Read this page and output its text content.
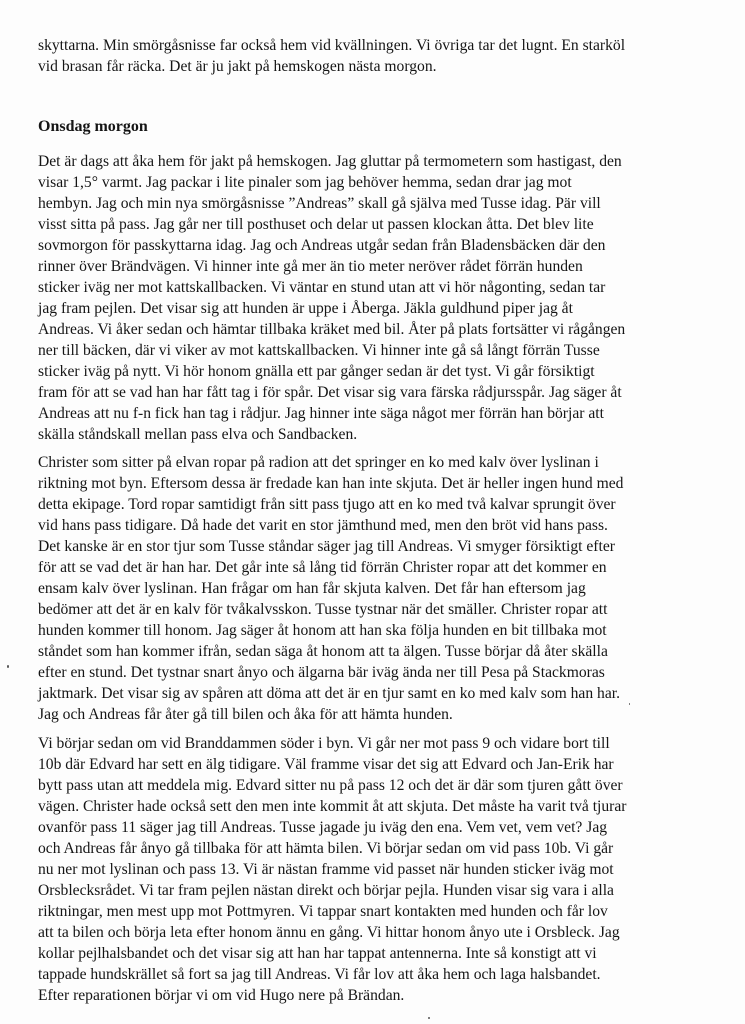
skyttarna. Min smörgåsnisse far också hem vid kvällningen. Vi övriga tar det lugnt. En starköl
vid brasan får räcka. Det är ju jakt på hemskogen nästa morgon.

Onsdag morgon

Det är dags att åka hem för jakt på hemskogen. Jag gluttar på termometern som hastigast, den
visar 1,5° varmt. Jag packar i lite pinaler som jag behöver hemma, sedan drar jag mot
hembyn. Jag och min nya smörgåsnisse ”Andreas” skall gå själva med Tusse idag. Pär vill
visst sitta på pass. Jag går ner till posthuset och delar ut passen klockan åtta. Det blev lite
sovmorgon för passkyttarna idag. Jag och Andreas utgår sedan från Bladensbäcken där den
rinner över Brändvägen. Vi hinner inte gå mer än tio meter neröver rådet förrän hunden
sticker iväg ner mot kattskallbacken. Vi väntar en stund utan att vi hör någonting, sedan tar
jag fram pejlen. Det visar sig att hunden är uppe i Åberga. Jäkla guldhund piper jag åt
Andreas. Vi åker sedan och hämtar tillbaka kräket med bil. Åter på plats fortsätter vi rågången
ner till bäcken, där vi viker av mot kattskallbacken. Vi hinner inte gå så långt förrän Tusse
sticker iväg på nytt. Vi hör honom gnälla ett par gånger sedan är det tyst. Vi går försiktigt
fram för att se vad han har fått tag i för spår. Det visar sig vara färska rådjursspår. Jag säger åt
Andreas att nu f-n fick han tag i rådjur. Jag hinner inte säga något mer förrän han börjar att
skälla ståndskall mellan pass elva och Sandbacken.

Christer som sitter på elvan ropar på radion att det springer en ko med kalv över lyslinan i
riktning mot byn. Eftersom dessa är fredade kan han inte skjuta. Det är heller ingen hund med
detta ekipage. Tord ropar samtidigt från sitt pass tjugo att en ko med två kalvar sprungit över
vid hans pass tidigare. Då hade det varit en stor jämthund med, men den bröt vid hans pass.
Det kanske är en stor tjur som Tusse ståndar säger jag till Andreas. Vi smyger försiktigt efter
för att se vad det är han har. Det går inte så lång tid förrän Christer ropar att det kommer en
ensam kalv över lyslinan. Han frågar om han får skjuta kalven. Det får han eftersom jag
bedömer att det är en kalv för tvåkalvsskon. Tusse tystnar när det smäller. Christer ropar att
hunden kommer till honom. Jag säger åt honom att han ska följa hunden en bit tillbaka mot
ståndet som han kommer ifrån, sedan säga åt honom att ta älgen. Tusse börjar då åter skälla
efter en stund. Det tystnar snart ånyo och älgarna bär iväg ända ner till Pesa på Stackmoras
jaktmark. Det visar sig av spåren att döma att det är en tjur samt en ko med kalv som han har.
Jag och Andreas får åter gå till bilen och åka för att hämta hunden.

Vi börjar sedan om vid Branddammen söder i byn. Vi går ner mot pass 9 och vidare bort till
10b där Edvard har sett en älg tidigare. Väl framme visar det sig att Edvard och Jan-Erik har
bytt pass utan att meddela mig. Edvard sitter nu på pass 12 och det är där som tjuren gått över
vägen. Christer hade också sett den men inte kommit åt att skjuta. Det måste ha varit två tjurar
ovanför pass 11 säger jag till Andreas. Tusse jagade ju iväg den ena. Vem vet, vem vet? Jag
och Andreas får ånyo gå tillbaka för att hämta bilen. Vi börjar sedan om vid pass 10b. Vi går
nu ner mot lyslinan och pass 13. Vi är nästan framme vid passet när hunden sticker iväg mot
Orsblecksrådet. Vi tar fram pejlen nästan direkt och börjar pejla. Hunden visar sig vara i alla
riktningar, men mest upp mot Pottmyren. Vi tappar snart kontakten med hunden och får lov
att ta bilen och börja leta efter honom ännu en gång. Vi hittar honom ånyo ute i Orsbleck. Jag
kollar pejlhalsbandet och det visar sig att han har tappat antennerna. Inte så konstigt att vi
tappade hundskrället så fort sa jag till Andreas. Vi får lov att åka hem och laga halsbandet.
Efter reparationen börjar vi om vid Hugo nere på Brändan.
